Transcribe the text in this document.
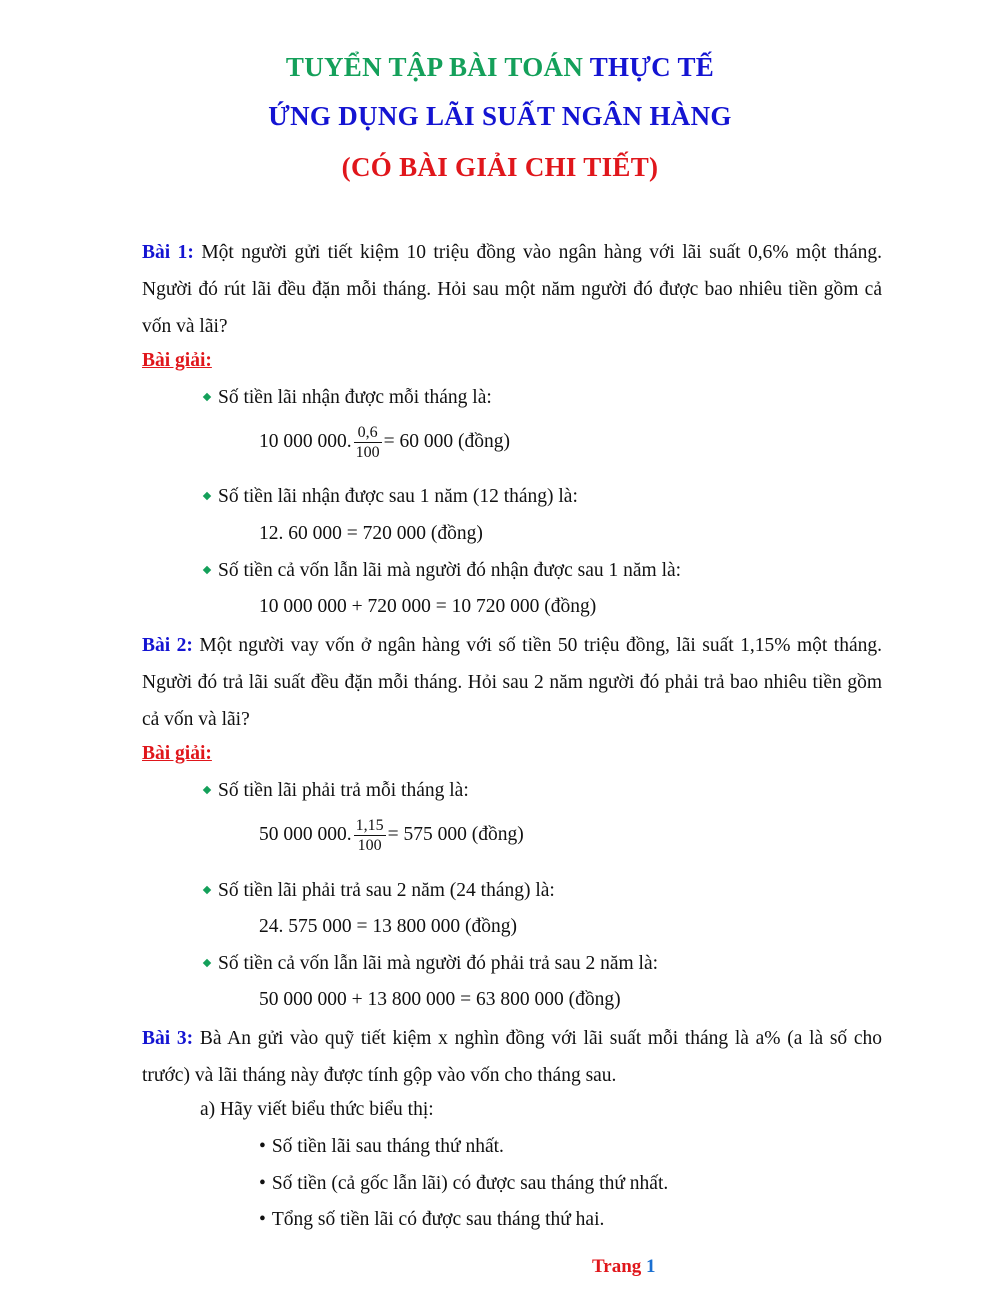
TUYỂN TẬP BÀI TOÁN THỰC TẾ
ỨNG DỤNG LÃI SUẤT NGÂN HÀNG
(CÓ BÀI GIẢI CHI TIẾT)
Bài 1: Một người gửi tiết kiệm 10 triệu đồng vào ngân hàng với lãi suất 0,6% một tháng. Người đó rút lãi đều đặn mỗi tháng. Hỏi sau một năm người đó được bao nhiêu tiền gồm cả vốn và lãi?
Bài giải:
Số tiền lãi nhận được mỗi tháng là:
10 000 000. $\frac{0,6}{100} = 60$ 000 (đồng)
Số tiền lãi nhận được sau 1 năm (12 tháng) là:
12. 60 000 = 720 000 (đồng)
Số tiền cả vốn lẫn lãi mà người đó nhận được sau 1 năm là:
10 000 000 + 720 000 = 10 720 000 (đồng)
Bài 2: Một người vay vốn ở ngân hàng với số tiền 50 triệu đồng, lãi suất 1,15% một tháng. Người đó trả lãi suất đều đặn mỗi tháng. Hỏi sau 2 năm người đó phải trả bao nhiêu tiền gồm cả vốn và lãi?
Bài giải:
Số tiền lãi phải trả mỗi tháng là:
50 000 000. $\frac{1,15}{100} = 575$ 000 (đồng)
Số tiền lãi phải trả sau 2 năm (24 tháng) là:
24. 575 000 = 13 800 000 (đồng)
Số tiền cả vốn lẫn lãi mà người đó phải trả sau 2 năm là:
50 000 000 + 13 800 000 = 63 800 000 (đồng)
Bài 3: Bà An gửi vào quỹ tiết kiệm x nghìn đồng với lãi suất mỗi tháng là a% (a là số cho trước) và lãi tháng này được tính gộp vào vốn cho tháng sau.
a) Hãy viết biểu thức biểu thị:
• Số tiền lãi sau tháng thứ nhất.
• Số tiền (cả gốc lẫn lãi) có được sau tháng thứ nhất.
• Tổng số tiền lãi có được sau tháng thứ hai.
Trang 1
